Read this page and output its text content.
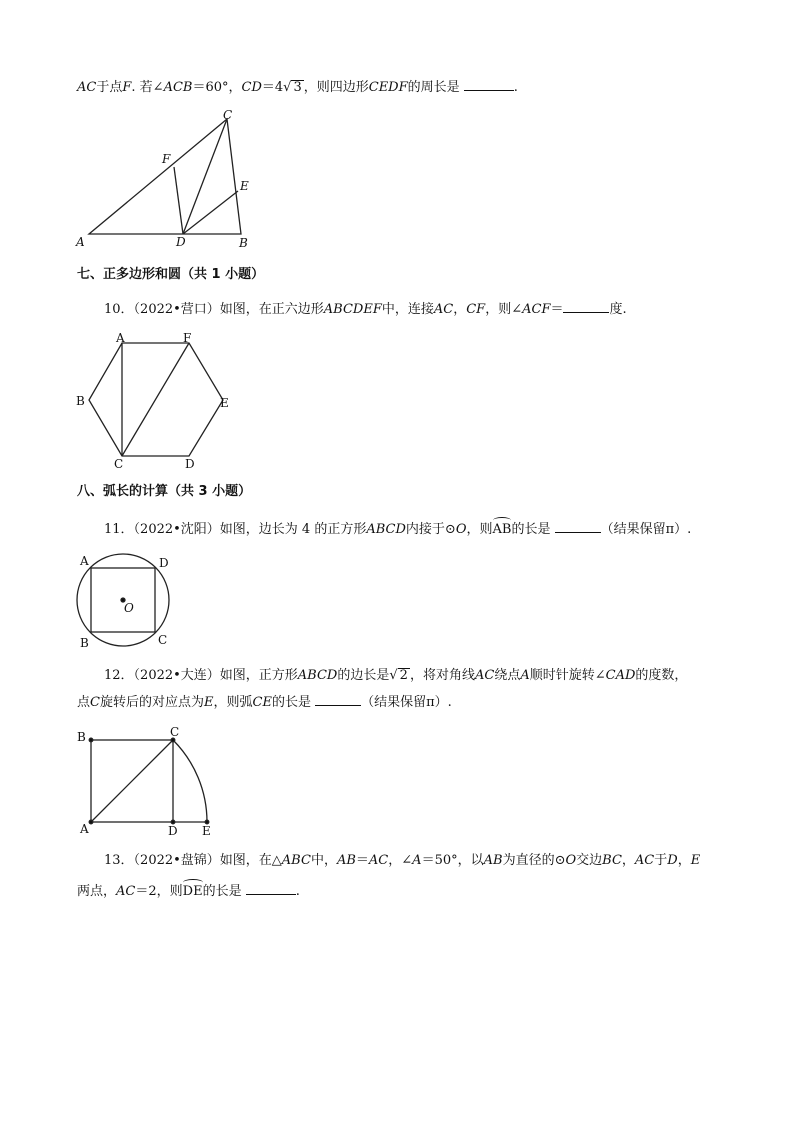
AC于点F. 若∠ACB＝60°，CD＝4√ 3 ，则四边形CEDF的周长是	.
A	D	B
C
E
F
七、正多边形和圆（共 1 小题）
10．（2022•营口）如图，在正六边形ABCDEF中，连接AC，CF，则∠ACF＝	度.
A	F
B	E
C	D
八、弧长的计算（共 3 小题）
11．（2022•沈阳）如图，边长为 4 的正方形ABCD内接于⊙O，则AB的长是	（结果保留π）.
A	D
B	C
O
12．（2022•大连）如图，正方形ABCD的边长是√ 2 ，将对角线AC绕点A顺时针旋转∠CAD的度数，
点C旋转后的对应点为E，则弧CE的长是	（结果保留π）.
B	C
A	D E
13．（2022•盘锦）如图，在△ABC中，AB＝AC，∠A＝50°，以AB为直径的⊙O交边BC，AC于D，E
两点，AC＝2，则DE的长是	.
